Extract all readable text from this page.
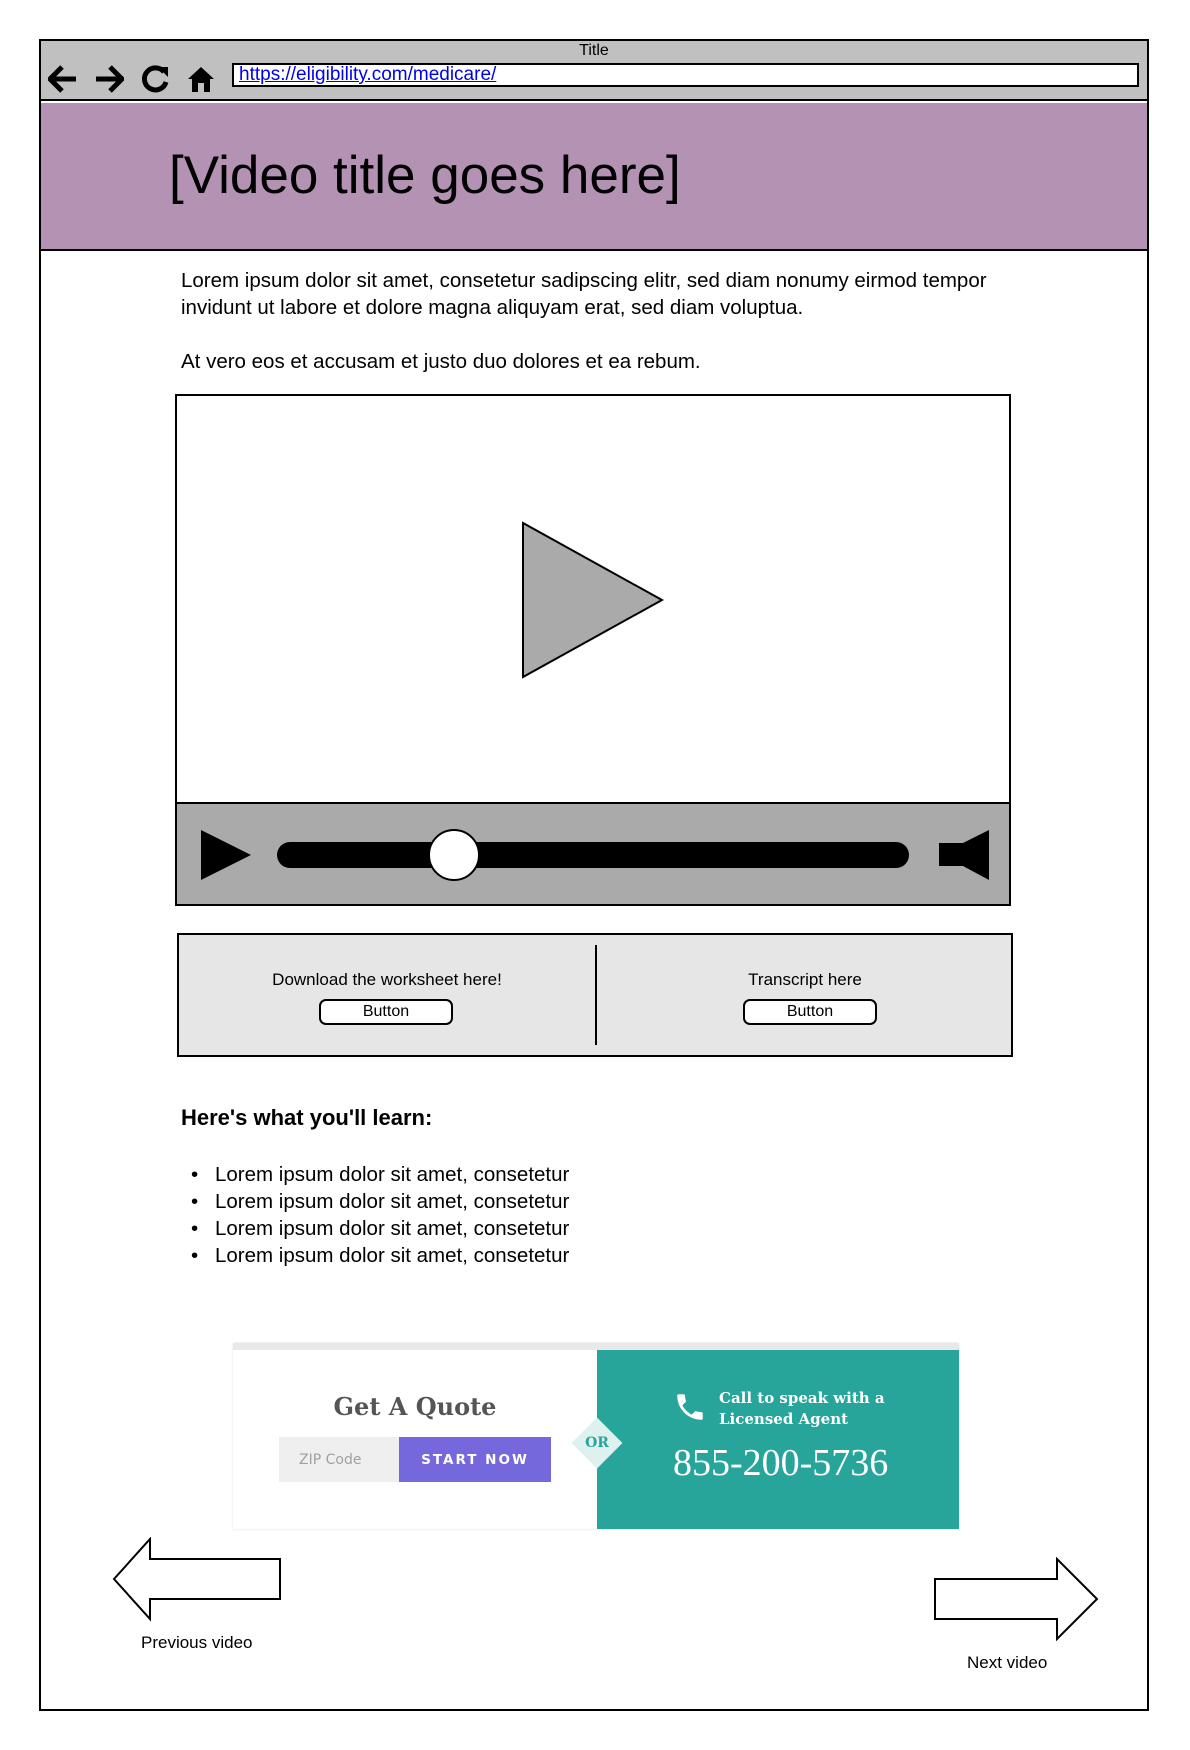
Title
https://eligibility.com/medicare/
[Video title goes here]

Lorem ipsum dolor sit amet, consetetur sadipscing elitr, sed diam nonumy eirmod tempor invidunt ut labore et dolore magna aliquyam erat, sed diam voluptua.

At vero eos et accusam et justo duo dolores et ea rebum.

Download the worksheet here!
Button
Transcript here
Button
Here's what you'll learn:
• Lorem ipsum dolor sit amet, consetetur
• Lorem ipsum dolor sit amet, consetetur
• Lorem ipsum dolor sit amet, consetetur
• Lorem ipsum dolor sit amet, consetetur
Get A Quote
ZIP Code
START NOW
Call to speak with a Licensed Agent
855-200-5736
OR
Previous video
Next video
